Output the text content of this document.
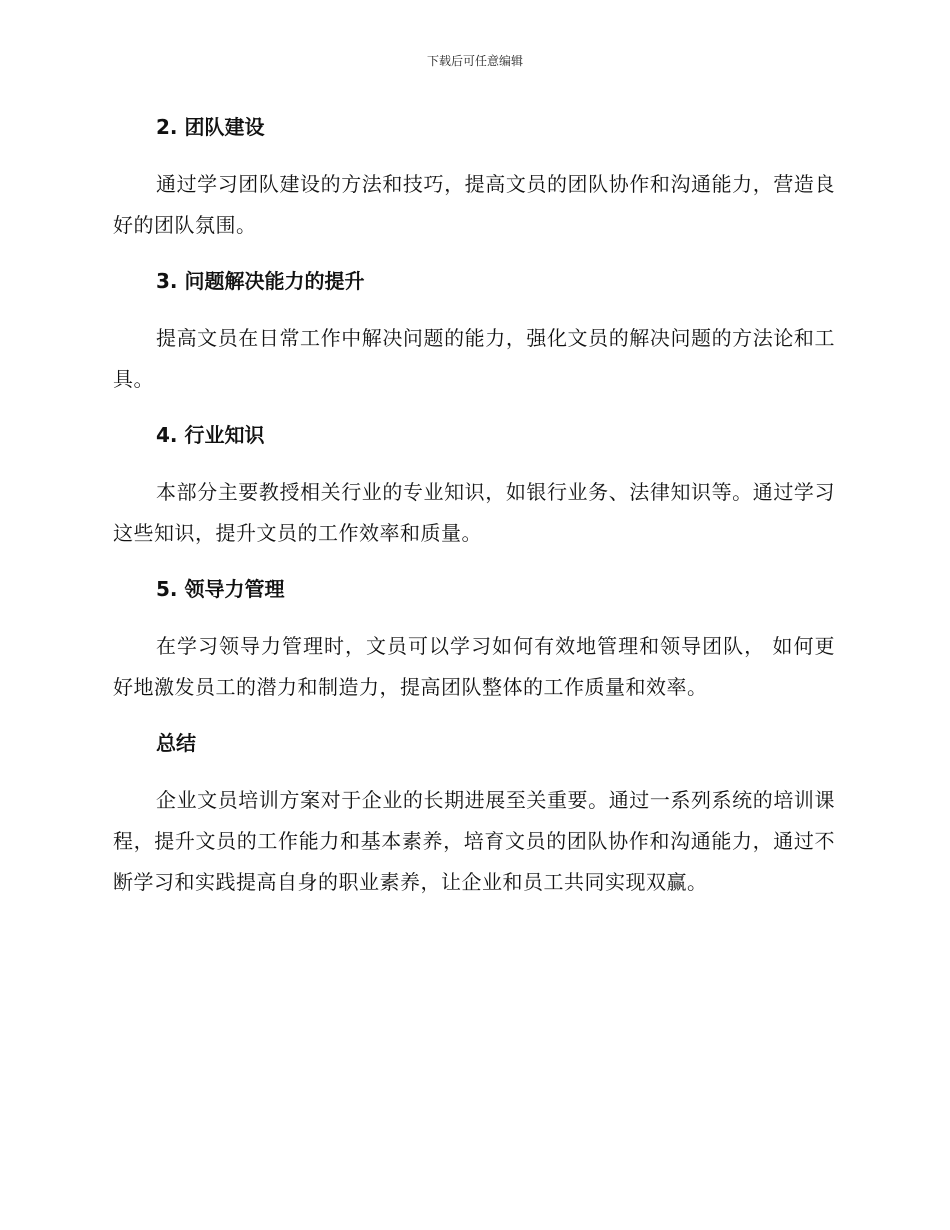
下载后可任意编辑
2. 团队建设

通过学习团队建设的方法和技巧，提高文员的团队协作和沟通能力，营造良好的团队氛围。

3. 问题解决能力的提升

提高文员在日常工作中解决问题的能力，强化文员的解决问题的方法论和工具。

4. 行业知识

本部分主要教授相关行业的专业知识，如银行业务、法律知识等。通过学习这些知识，提升文员的工作效率和质量。

5. 领导力管理

在学习领导力管理时，文员可以学习如何有效地管理和领导团队， 如何更好地激发员工的潜力和制造力，提高团队整体的工作质量和效率。

总结

企业文员培训方案对于企业的长期进展至关重要。通过一系列系统的培训课程，提升文员的工作能力和基本素养，培育文员的团队协作和沟通能力，通过不断学习和实践提高自身的职业素养，让企业和员工共同实现双赢。
